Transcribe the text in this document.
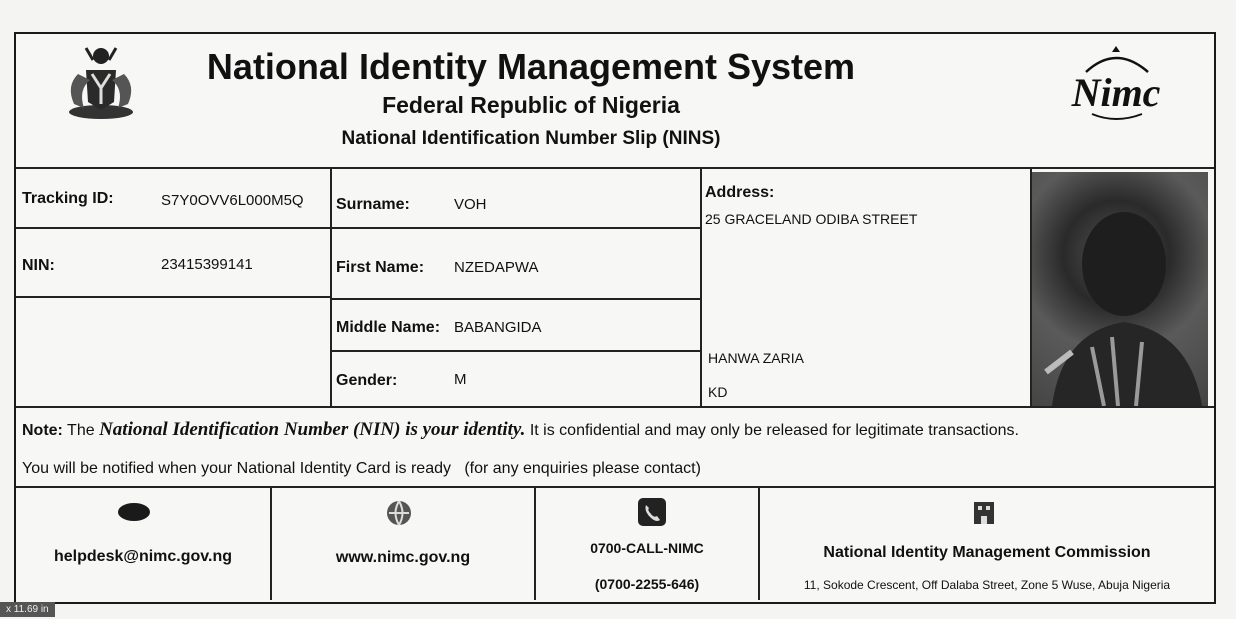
National Identity Management System
Federal Republic of Nigeria
National Identification Number Slip (NINS)
Nimc
Tracking ID:	S7Y0OVV6L000M5Q
NIN:	23415399141
Surname:	VOH
First Name: NZEDAPWA
Middle Name: BABANGIDA
Gender:	M
Address:
25 GRACELAND ODIBA STREET
HANWA ZARIA
KD
Note: The National Identification Number (NIN) is your identity. It is confidential and may only be released for legitimate transactions.
You will be notified when your National Identity Card is ready   (for any enquiries please contact)
helpdesk@nimc.gov.ng	www.nimc.gov.ng
0700-CALL-NIMC
(0700-2255-646)
National Identity Management Commission
11, Sokode Crescent, Off Dalaba Street, Zone 5 Wuse, Abuja Nigeria
x 11.69 in
